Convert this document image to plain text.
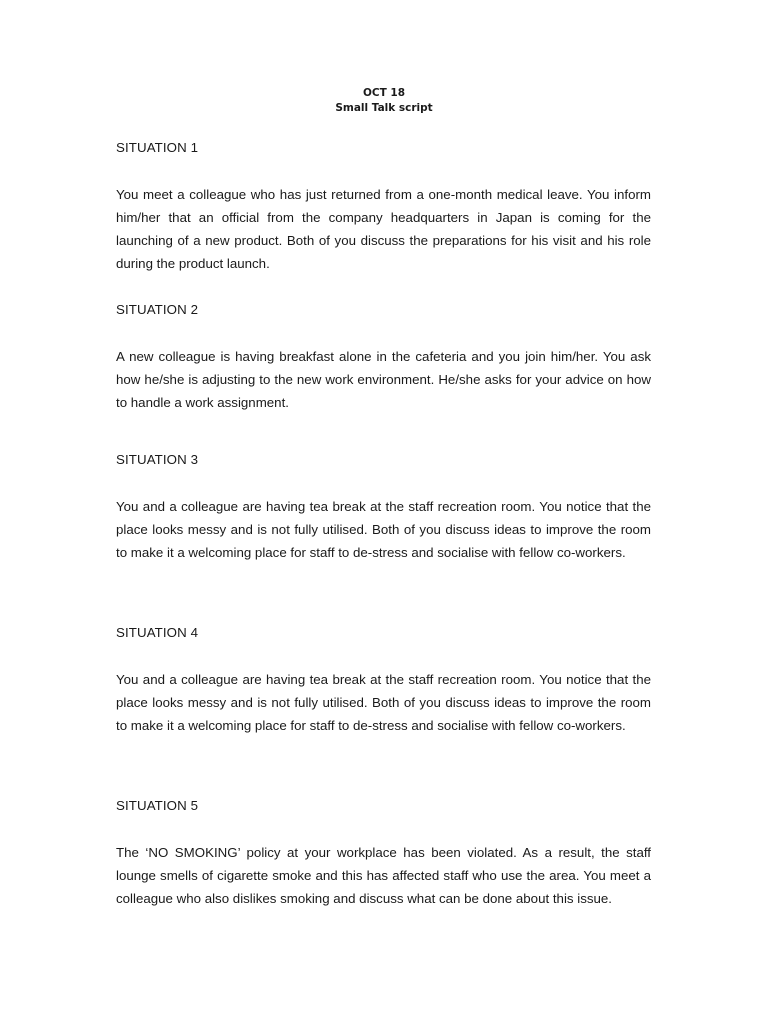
OCT 18
Small Talk script

SITUATION 1

You meet a colleague who has just returned from a one-month medical leave. You inform him/her that an official from the company headquarters in Japan is coming for the launching of a new product. Both of you discuss the preparations for his visit and his role during the product launch.

SITUATION 2

A new colleague is having breakfast alone in the cafeteria and you join him/her. You ask how he/she is adjusting to the new work environment. He/she asks for your advice on how to handle a work assignment.

SITUATION 3

You and a colleague are having tea break at the staff recreation room. You notice that the place looks messy and is not fully utilised. Both of you discuss ideas to improve the room to make it a welcoming place for staff to de-stress and socialise with fellow co-workers.

SITUATION 4

You and a colleague are having tea break at the staff recreation room. You notice that the place looks messy and is not fully utilised. Both of you discuss ideas to improve the room to make it a welcoming place for staff to de-stress and socialise with fellow co-workers.

SITUATION 5

The ‘NO SMOKING’ policy at your workplace has been violated. As a result, the staff lounge smells of cigarette smoke and this has affected staff who use the area. You meet a colleague who also dislikes smoking and discuss what can be done about this issue.
